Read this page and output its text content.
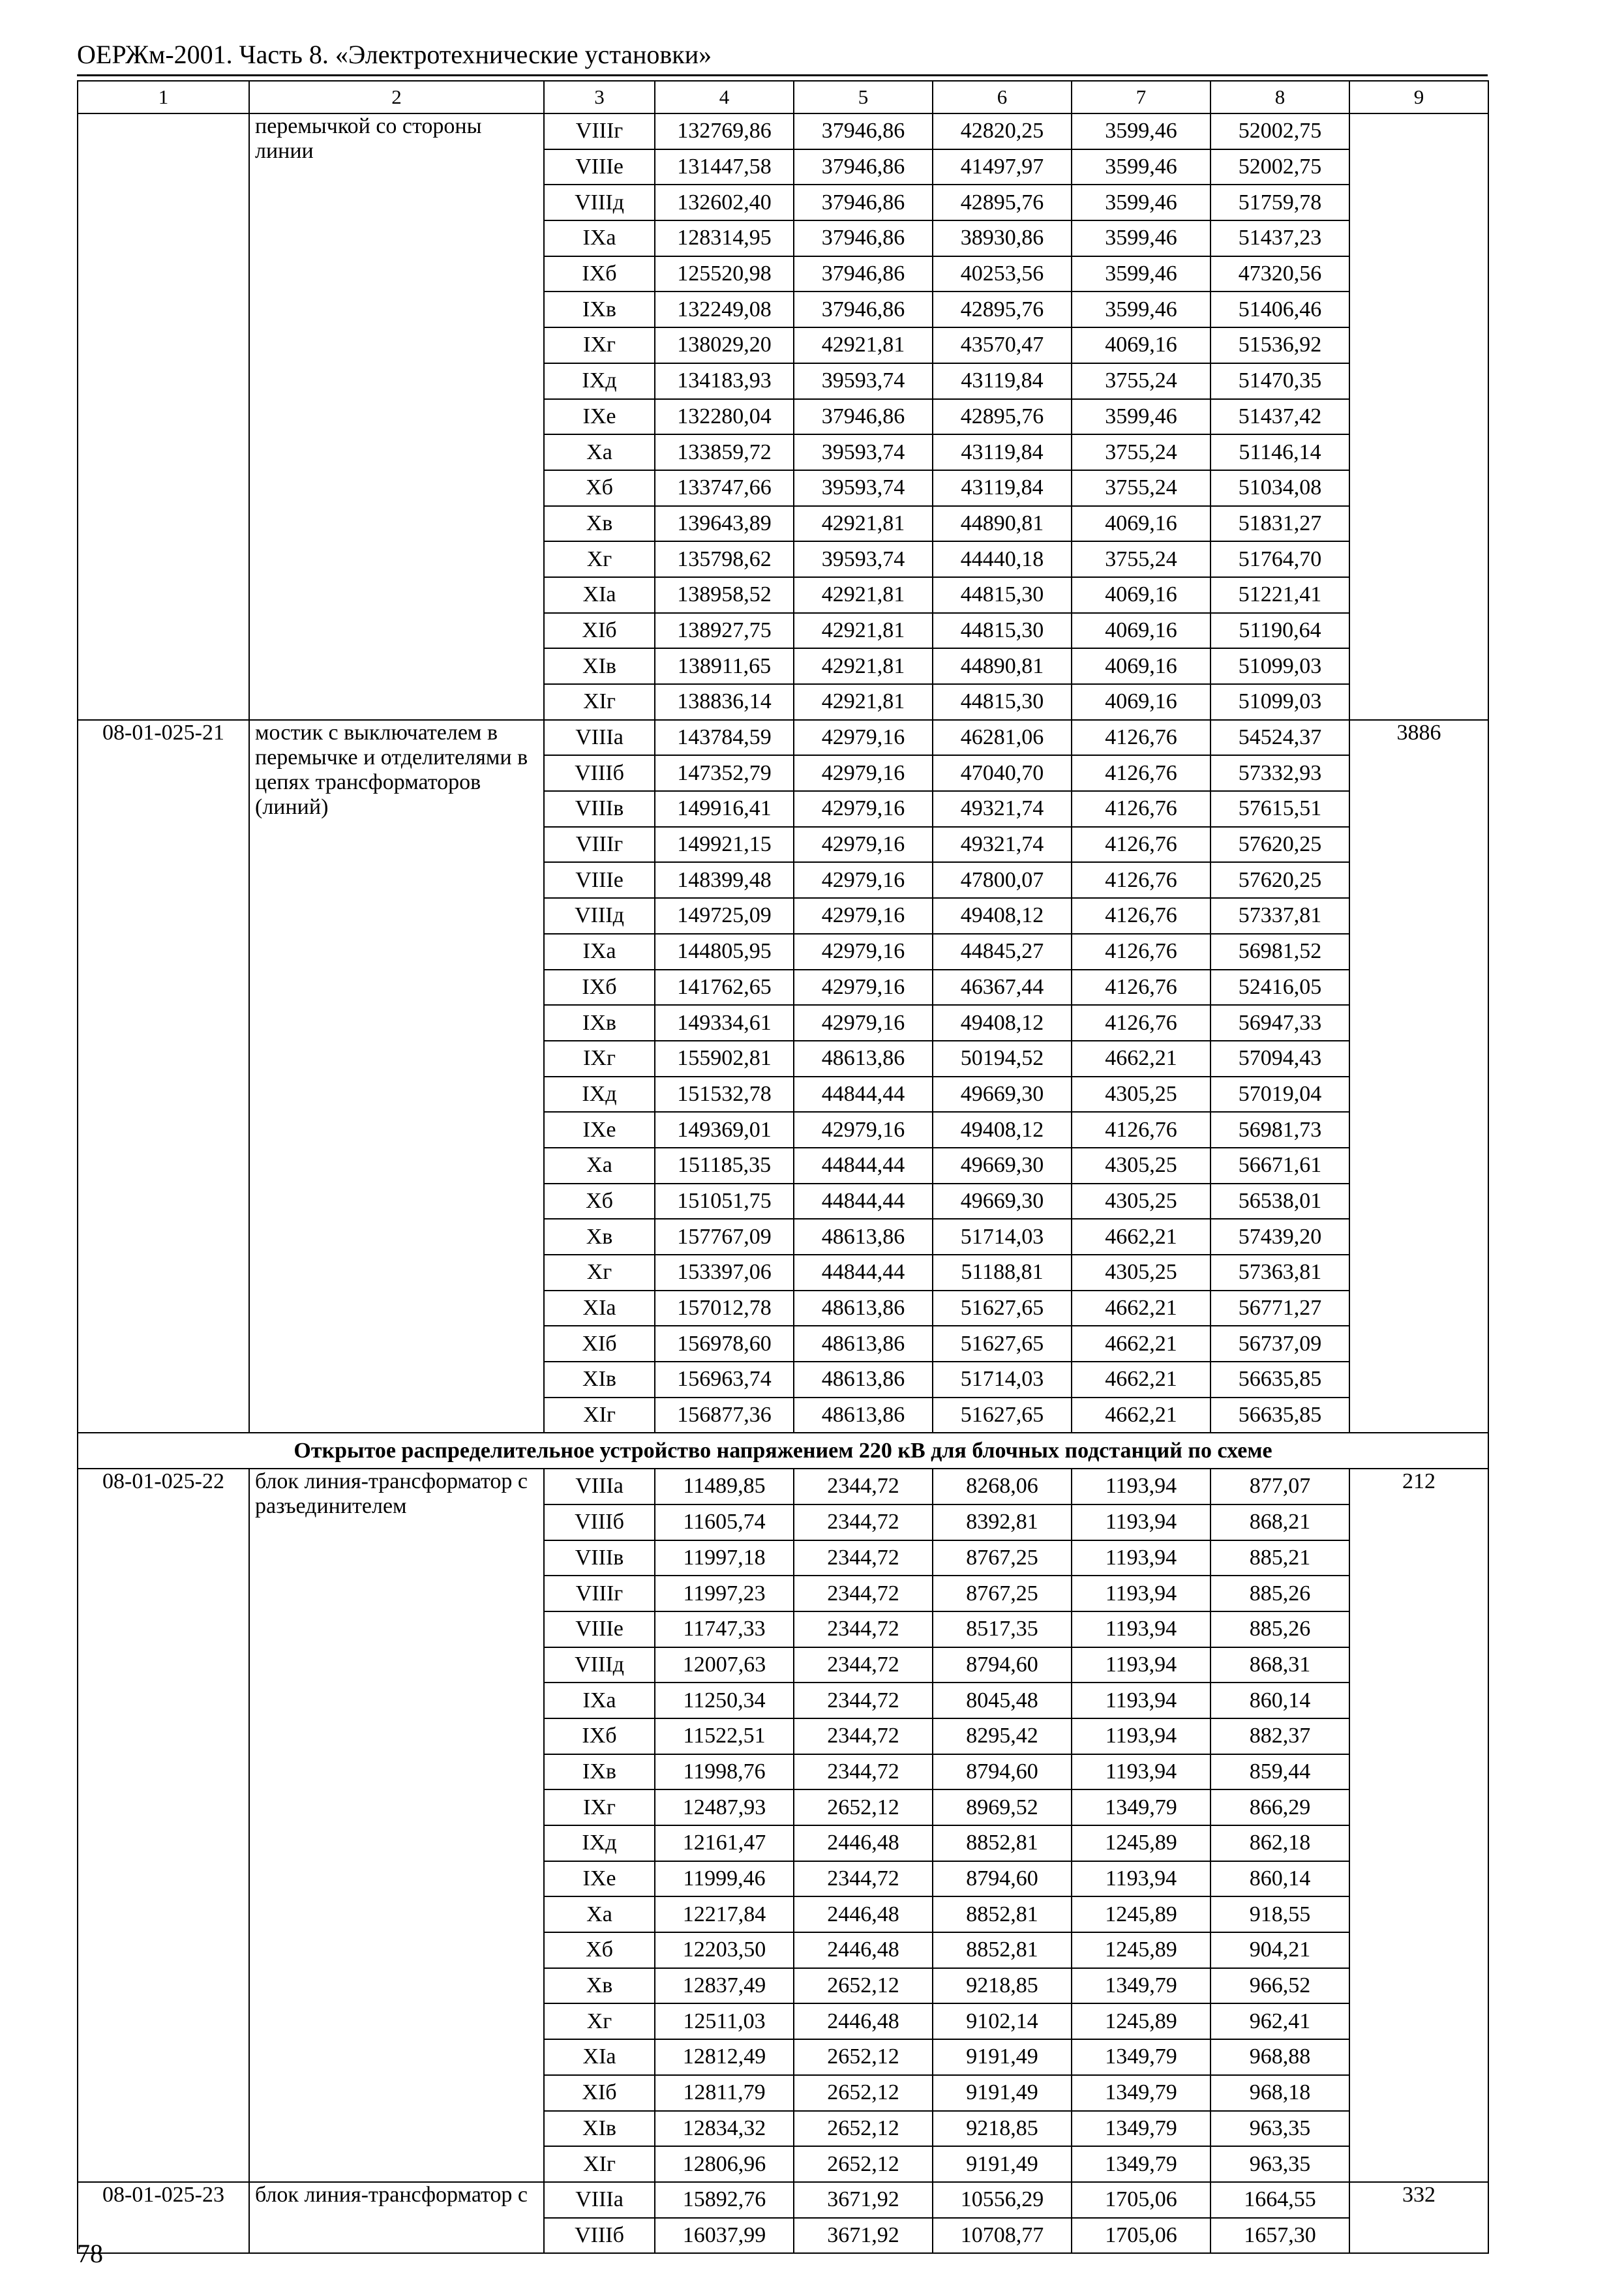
ОЕРЖм-2001. Часть 8. «Электротехнические установки»
1	2	3	4	5	6	7	8	9
	перемычкой со стороны линии	VIIIг	132769,86	37946,86	42820,25	3599,46	52002,75	
		VIIIе	131447,58	37946,86	41497,97	3599,46	52002,75	
		VIIIд	132602,40	37946,86	42895,76	3599,46	51759,78	
		IXа	128314,95	37946,86	38930,86	3599,46	51437,23	
		IXб	125520,98	37946,86	40253,56	3599,46	47320,56	
		IXв	132249,08	37946,86	42895,76	3599,46	51406,46	
		IXг	138029,20	42921,81	43570,47	4069,16	51536,92	
		IXд	134183,93	39593,74	43119,84	3755,24	51470,35	
		IXе	132280,04	37946,86	42895,76	3599,46	51437,42	
		Xа	133859,72	39593,74	43119,84	3755,24	51146,14	
		Xб	133747,66	39593,74	43119,84	3755,24	51034,08	
		Xв	139643,89	42921,81	44890,81	4069,16	51831,27	
		Xг	135798,62	39593,74	44440,18	3755,24	51764,70	
		XIа	138958,52	42921,81	44815,30	4069,16	51221,41	
		XIб	138927,75	42921,81	44815,30	4069,16	51190,64	
		XIв	138911,65	42921,81	44890,81	4069,16	51099,03	
		XIг	138836,14	42921,81	44815,30	4069,16	51099,03	
08-01-025-21	мостик с выключателем в перемычке и отделителями в цепях трансформаторов (линий)	VIIIа	143784,59	42979,16	46281,06	4126,76	54524,37	3886
		VIIIб	147352,79	42979,16	47040,70	4126,76	57332,93	
		VIIIв	149916,41	42979,16	49321,74	4126,76	57615,51	
		VIIIг	149921,15	42979,16	49321,74	4126,76	57620,25	
		VIIIе	148399,48	42979,16	47800,07	4126,76	57620,25	
		VIIIд	149725,09	42979,16	49408,12	4126,76	57337,81	
		IXа	144805,95	42979,16	44845,27	4126,76	56981,52	
		IXб	141762,65	42979,16	46367,44	4126,76	52416,05	
		IXв	149334,61	42979,16	49408,12	4126,76	56947,33	
		IXг	155902,81	48613,86	50194,52	4662,21	57094,43	
		IXд	151532,78	44844,44	49669,30	4305,25	57019,04	
		IXе	149369,01	42979,16	49408,12	4126,76	56981,73	
		Xа	151185,35	44844,44	49669,30	4305,25	56671,61	
		Xб	151051,75	44844,44	49669,30	4305,25	56538,01	
		Xв	157767,09	48613,86	51714,03	4662,21	57439,20	
		Xг	153397,06	44844,44	51188,81	4305,25	57363,81	
		XIа	157012,78	48613,86	51627,65	4662,21	56771,27	
		XIб	156978,60	48613,86	51627,65	4662,21	56737,09	
		XIв	156963,74	48613,86	51714,03	4662,21	56635,85	
		XIг	156877,36	48613,86	51627,65	4662,21	56635,85	
Открытое распределительное устройство напряжением 220 кВ для блочных подстанций по схеме								
08-01-025-22	блок линия-трансформатор с разъединителем	VIIIа	11489,85	2344,72	8268,06	1193,94	877,07	212
		VIIIб	11605,74	2344,72	8392,81	1193,94	868,21	
		VIIIв	11997,18	2344,72	8767,25	1193,94	885,21	
		VIIIг	11997,23	2344,72	8767,25	1193,94	885,26	
		VIIIе	11747,33	2344,72	8517,35	1193,94	885,26	
		VIIIд	12007,63	2344,72	8794,60	1193,94	868,31	
		IXа	11250,34	2344,72	8045,48	1193,94	860,14	
		IXб	11522,51	2344,72	8295,42	1193,94	882,37	
		IXв	11998,76	2344,72	8794,60	1193,94	859,44	
		IXг	12487,93	2652,12	8969,52	1349,79	866,29	
		IXд	12161,47	2446,48	8852,81	1245,89	862,18	
		IXе	11999,46	2344,72	8794,60	1193,94	860,14	
		Xа	12217,84	2446,48	8852,81	1245,89	918,55	
		Xб	12203,50	2446,48	8852,81	1245,89	904,21	
		Xв	12837,49	2652,12	9218,85	1349,79	966,52	
		Xг	12511,03	2446,48	9102,14	1245,89	962,41	
		XIа	12812,49	2652,12	9191,49	1349,79	968,88	
		XIб	12811,79	2652,12	9191,49	1349,79	968,18	
		XIв	12834,32	2652,12	9218,85	1349,79	963,35	
		XIг	12806,96	2652,12	9191,49	1349,79	963,35	
08-01-025-23	блок линия-трансформатор с	VIIIа	15892,76	3671,92	10556,29	1705,06	1664,55	332
		VIIIб	16037,99	3671,92	10708,77	1705,06	1657,30	
78
